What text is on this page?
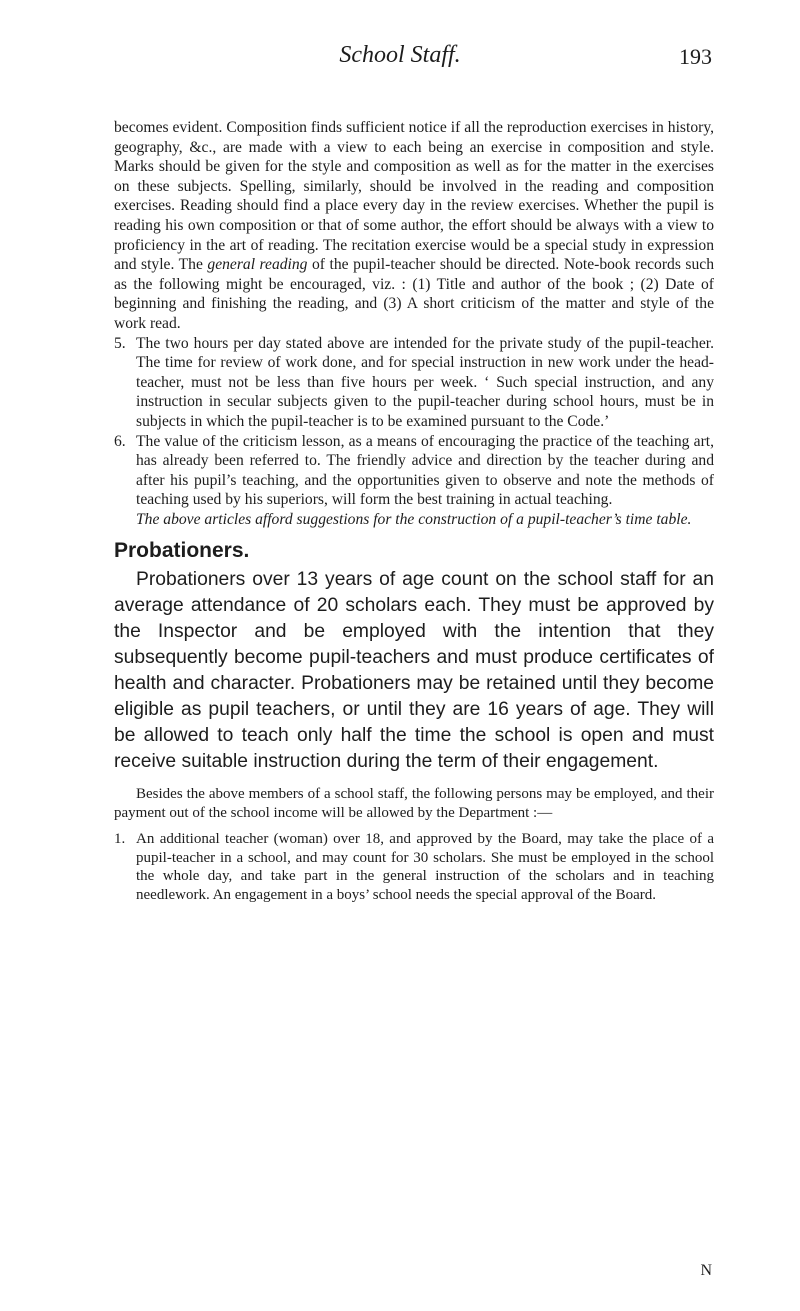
School Staff.	193

becomes evident. Composition finds sufficient notice if all the reproduction exercises in history, geography, &c., are made with a view to each being an exercise in composition and style. Marks should be given for the style and composition as well as for the matter in the exercises on these subjects. Spelling, similarly, should be involved in the reading and composition exercises. Reading should find a place every day in the review exercises. Whether the pupil is reading his own composition or that of some author, the effort should be always with a view to proficiency in the art of reading. The recitation exercise would be a special study in expression and style. The general reading of the pupil-teacher should be directed. Note-book records such as the following might be encouraged, viz. : (1) Title and author of the book ; (2) Date of beginning and finishing the reading, and (3) A short criticism of the matter and style of the work read.

5. The two hours per day stated above are intended for the private study of the pupil-teacher. The time for review of work done, and for special instruction in new work under the head-teacher, must not be less than five hours per week. ‘ Such special instruction, and any instruction in secular subjects given to the pupil-teacher during school hours, must be in subjects in which the pupil-teacher is to be examined pursuant to the Code.’
6. The value of the criticism lesson, as a means of encouraging the practice of the teaching art, has already been referred to. The friendly advice and direction by the teacher during and after his pupil’s teaching, and the opportunities given to observe and note the methods of teaching used by his superiors, will form the best training in actual teaching.

The above articles afford suggestions for the construction of a pupil-teacher’s time table.

Probationers.

Probationers over 13 years of age count on the school staff for an average attendance of 20 scholars each. They must be approved by the Inspector and be employed with the intention that they subsequently become pupil-teachers and must produce certificates of health and character. Probationers may be retained until they become eligible as pupil teachers, or until they are 16 years of age. They will be allowed to teach only half the time the school is open and must receive suitable instruction during the term of their engagement.

Besides the above members of a school staff, the following persons may be employed, and their payment out of the school income will be allowed by the Department :—

1. An additional teacher (woman) over 18, and approved by the Board, may take the place of a pupil-teacher in a school, and may count for 30 scholars. She must be employed in the school the whole day, and take part in the general instruction of the scholars and in teaching needlework. An engagement in a boys’ school needs the special approval of the Board.
N
